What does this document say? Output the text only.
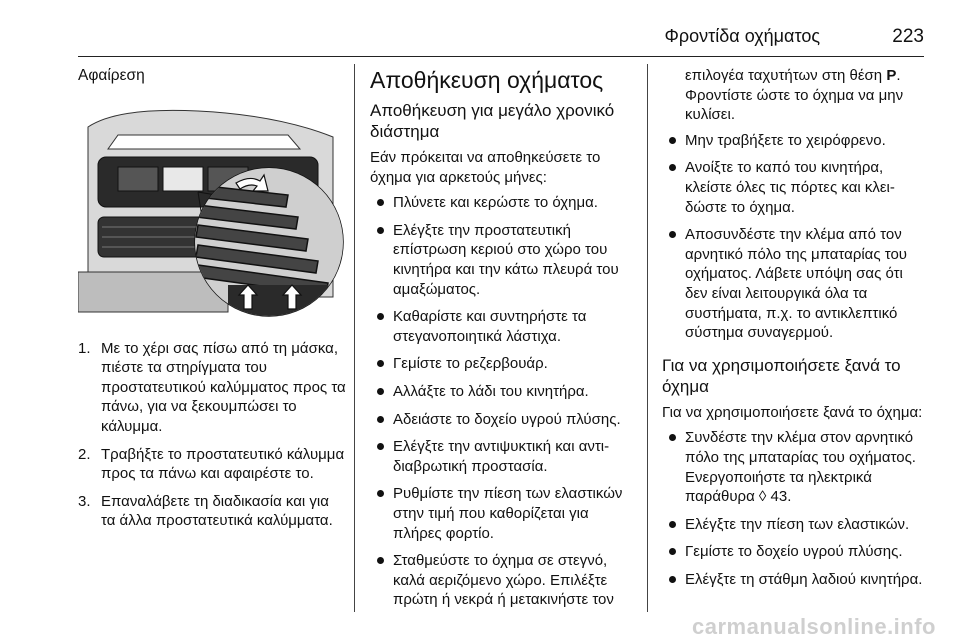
Φροντίδα οχήματος	223
Αφαίρεση
1. Με το χέρι σας πίσω από τη μάσκα, πιέστε τα στηρίγματα του προστατευτικού καλύμματος προς τα πάνω, για να ξεκουμπώσει το κάλυμμα.
2. Τραβήξτε το προστατευτικό κάλυμμα προς τα πάνω και αφαιρέστε το.
3. Επαναλάβετε τη διαδικασία και για τα άλλα προστατευτικά καλύμματα.
Αποθήκευση οχήματος
Αποθήκευση για μεγάλο χρονικό διάστημα

Εάν πρόκειται να αποθηκεύσετε το όχημα για αρκετούς μήνες:

Πλύνετε και κερώστε το όχημα.
Ελέγξτε την προστατευτική επίστρωση κεριού στο χώρο του κινητήρα και την κάτω πλευρά του αμαξώματος.
Καθαρίστε και συντηρήστε τα στεγανοποιητικά λάστιχα.
Γεμίστε το ρεζερβουάρ.
Αλλάξτε το λάδι του κινητήρα.
Αδειάστε το δοχείο υγρού πλύσης.
Ελέγξτε την αντιψυκτική και αντιδιαβρωτική προστασία.
Ρυθμίστε την πίεση των ελαστικών στην τιμή που καθορίζεται για πλήρες φορτίο.
Σταθμεύστε το όχημα σε στεγνό, καλά αεριζόμενο χώρο. Επιλέξτε πρώτη ή νεκρά ή μετακινήστε τον

επιλογέα ταχυτήτων στη θέση P. Φροντίστε ώστε το όχημα να μην κυλίσει.

Μην τραβήξετε το χειρόφρενο.
Ανοίξτε το καπό του κινητήρα, κλείστε όλες τις πόρτες και κλειδώστε το όχημα.
Αποσυνδέστε την κλέμα από τον αρνητικό πόλο της μπαταρίας του οχήματος. Λάβετε υπόψη σας ότι δεν είναι λειτουργικά όλα τα συστήματα, π.χ. το αντικλεπτικό σύστημα συναγερμού.
Για να χρησιμοποιήσετε ξανά το όχημα

Για να χρησιμοποιήσετε ξανά το όχημα:

Συνδέστε την κλέμα στον αρνητικό πόλο της μπαταρίας του οχήματος. Ενεργοποιήστε τα ηλεκτρικά παράθυρα ◊ 43.
Ελέγξτε την πίεση των ελαστικών.
Γεμίστε το δοχείο υγρού πλύσης.
Ελέγξτε τη στάθμη λαδιού κινητήρα.
carmanualsonline.info
